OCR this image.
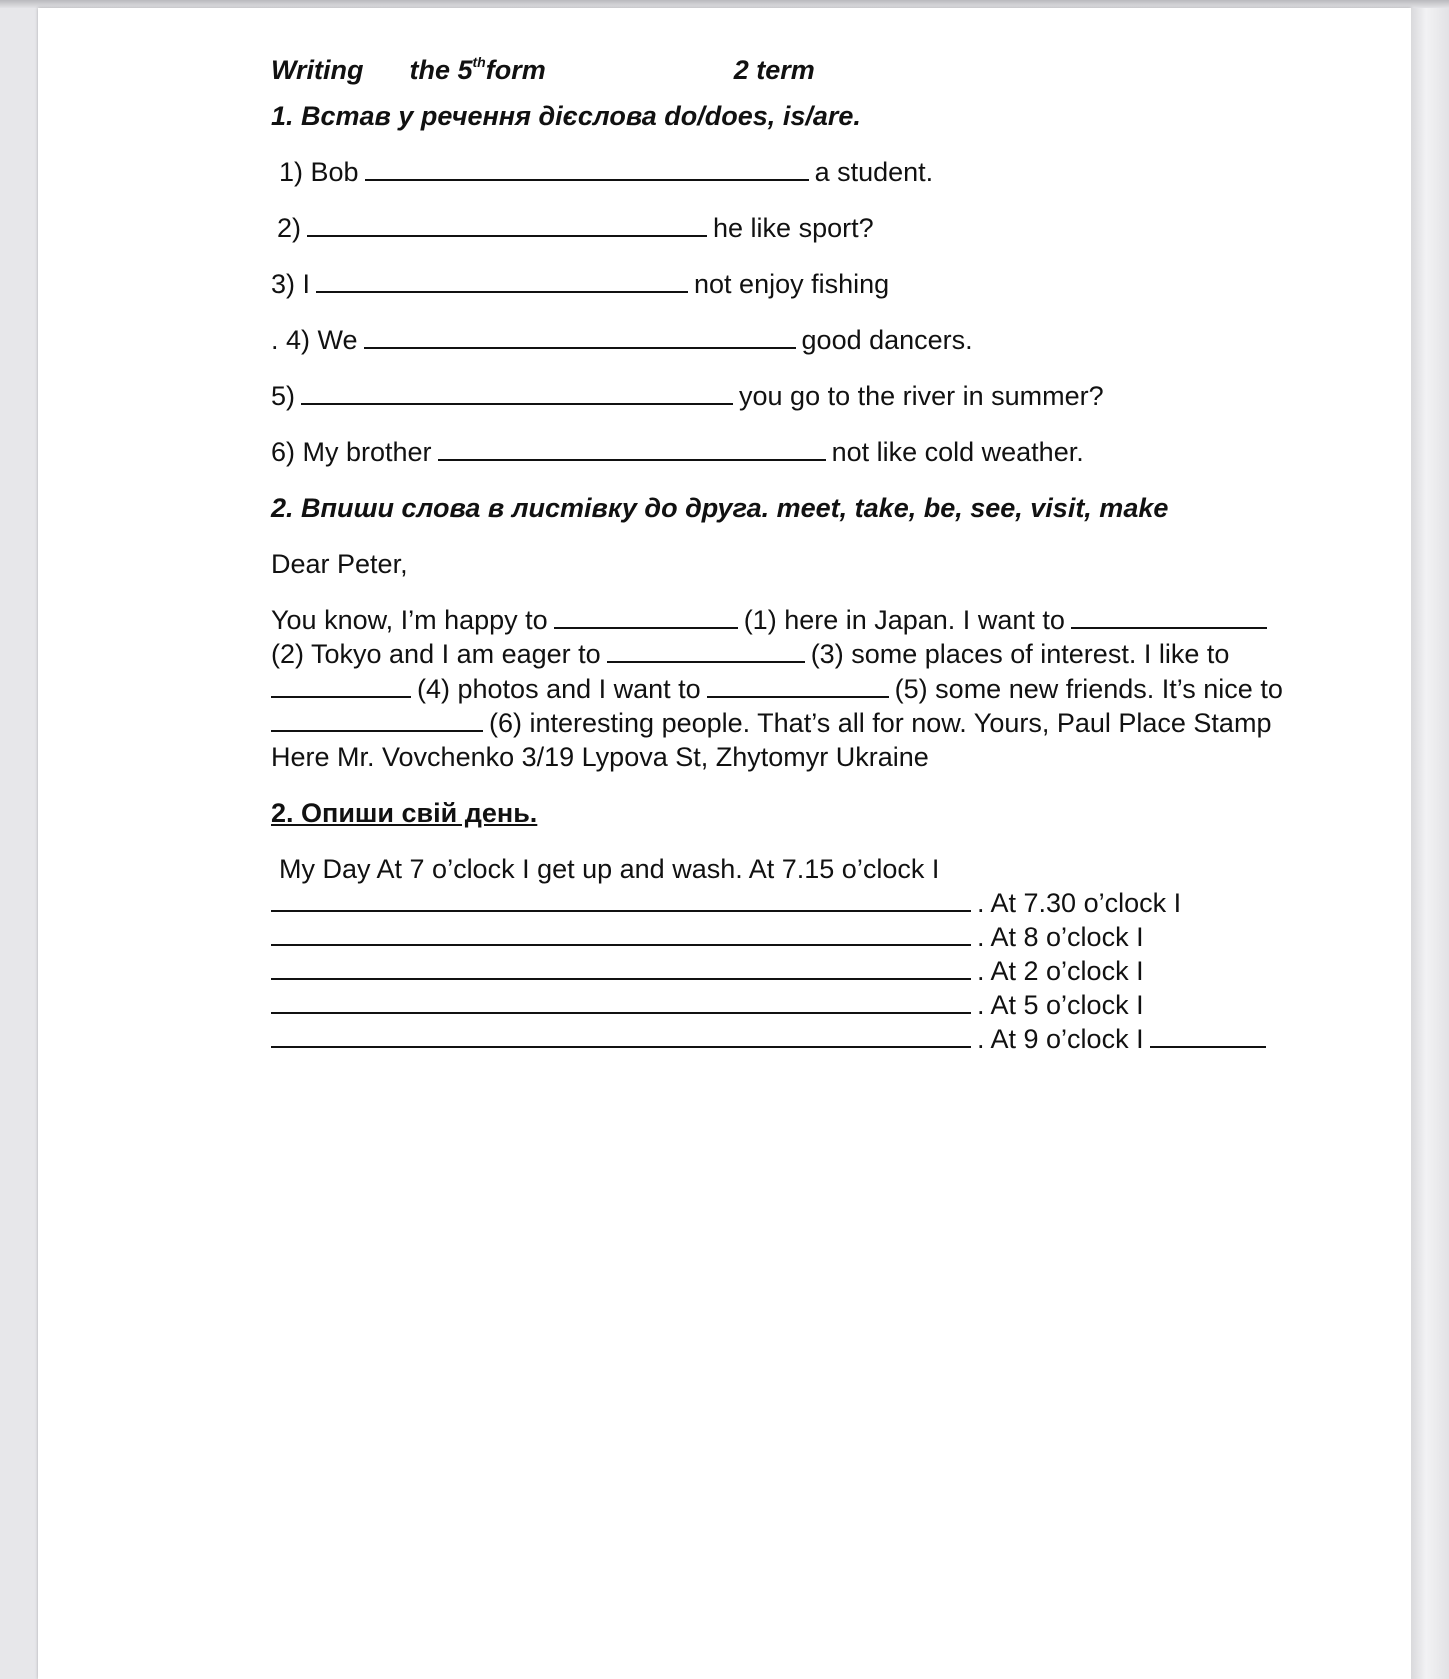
Writing the 5thform	2 term
1. Встав у речення дієслова do/does, is/are.
1) Bob	a student.
2)	he like sport?
3) I	not enjoy fishing
. 4) We	good dancers.
5)	you go to the river in summer?
6) My brother	not like cold weather.
2. Впиши слова в листівку до друга. meet, take, be, see, visit, make
Dear Peter,
You know, I’m happy to	(1) here in Japan. I want to
(2) Tokyo and I am eager to	(3) some places of interest. I like to
(4) photos and I want to	(5) some new friends. It’s nice to
(6) interesting people. That’s all for now. Yours, Paul Place Stamp
Here Mr. Vovchenko 3/19 Lypova St, Zhytomyr Ukraine
2. Опиши свій день.
My Day At 7 o’clock I get up and wash. At 7.15 o’clock I
. At 7.30 o’clock I
. At 8 o’clock I
. At 2 o’clock I
. At 5 o’clock I
. At 9 o’clock I
